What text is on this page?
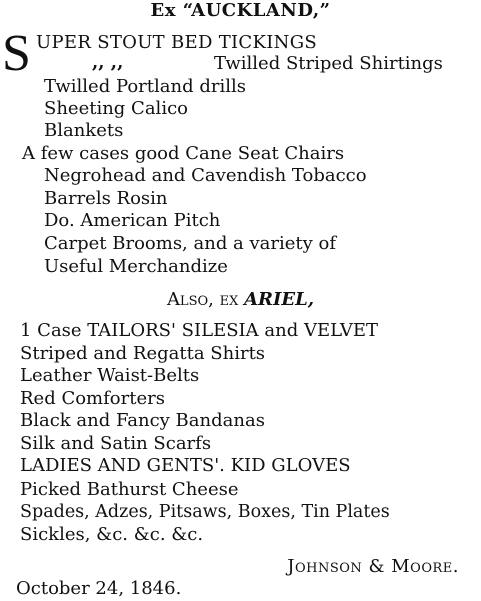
Ex “AUCKLAND,”
S UPER STOUT BED TICKINGS
,, ,,	Twilled Striped Shirtings
Twilled Portland drills
Sheeting Calico
Blankets
A few cases good Cane Seat Chairs
Negrohead and Cavendish Tobacco
Barrels Rosin
Do. American Pitch
Carpet Brooms, and a variety of
Useful Merchandize
Also, ex ARIEL,
1 Case TAILORS' SILESIA and VELVET
Striped and Regatta Shirts
Leather Waist-Belts
Red Comforters
Black and Fancy Bandanas
Silk and Satin Scarfs
LADIES AND GENTS'. KID GLOVES
Picked Bathurst Cheese
Spades, Adzes, Pitsaws, Boxes, Tin Plates
Sickles, &c. &c. &c.
Johnson & Moore.
October 24, 1846.
